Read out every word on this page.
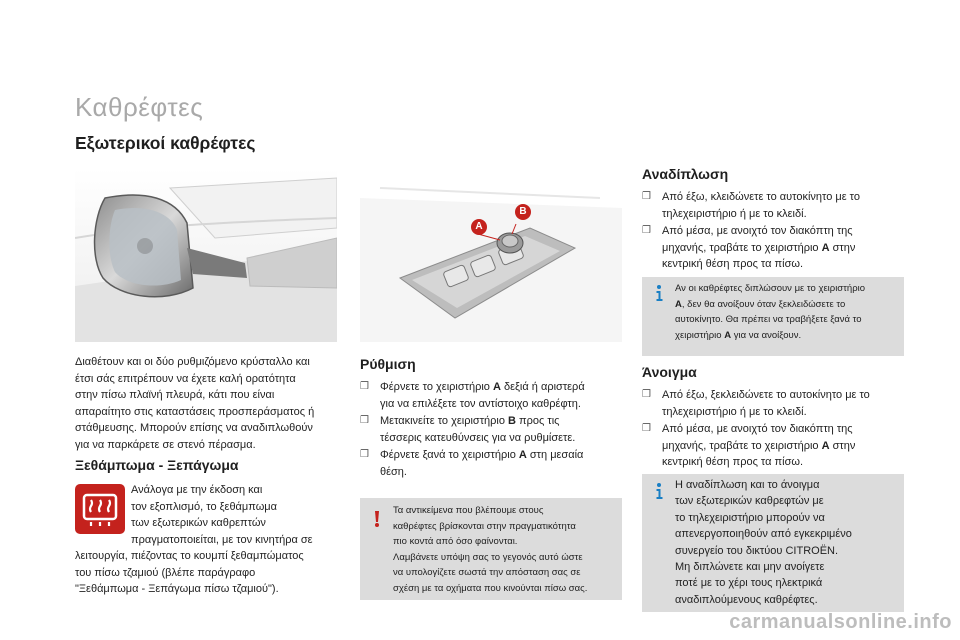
Καθρέφτες
Εξωτερικοί καθρέφτες
A
B
Διαθέτουν και οι δύο ρυθμιζόμενο κρύσταλλο και
έτσι σάς επιτρέπουν να έχετε καλή ορατότητα
στην πίσω πλαϊνή πλευρά, κάτι που είναι
απαραίτητο στις καταστάσεις προσπεράσματος ή
στάθμευσης. Μπορούν επίσης να αναδιπλωθούν
για να παρκάρετε σε στενό πέρασμα.
Ξεθάμπωμα - Ξεπάγωμα
Ανάλογα με την έκδοση και
τον εξοπλισμό, το ξεθάμπωμα
των εξωτερικών καθρεπτών
πραγματοποιείται, με τον κινητήρα σε
λειτουργία, πιέζοντας το κουμπί ξεθαμπώματος
του πίσω τζαμιού (βλέπε παράγραφο
"Ξεθάμπωμα - Ξεπάγωμα πίσω τζαμιού").
Ρύθμιση
❒ Φέρνετε το χειριστήριο A δεξιά ή αριστερά
για να επιλέξετε τον αντίστοιχο καθρέφτη.
❒ Μετακινείτε το χειριστήριο B προς τις
τέσσερις κατευθύνσεις για να ρυθμίσετε.
❒ Φέρνετε ξανά το χειριστήριο A στη μεσαία
θέση.
Τα αντικείμενα που βλέπουμε στους
καθρέφτες βρίσκονται στην πραγματικότητα
πιο κοντά από όσο φαίνονται.
Λαμβάνετε υπόψη σας το γεγονός αυτό ώστε
να υπολογίζετε σωστά την απόσταση σας σε
σχέση με τα οχήματα που κινούνται πίσω σας.
Αναδίπλωση
❒ Από έξω, κλειδώνετε το αυτοκίνητο με το
τηλεχειριστήριο ή με το κλειδί.
❒ Από μέσα, με ανοιχτό τον διακόπτη της
μηχανής, τραβάτε το χειριστήριο A στην
κεντρική θέση προς τα πίσω.
Αν οι καθρέφτες διπλώσουν με το χειριστήριο
A, δεν θα ανοίξουν όταν ξεκλειδώσετε το
αυτοκίνητο. Θα πρέπει να τραβήξετε ξανά το
χειριστήριο A για να ανοίξουν.
Άνοιγμα
❒ Από έξω, ξεκλειδώνετε το αυτοκίνητο με το
τηλεχειριστήριο ή με το κλειδί.
❒ Από μέσα, με ανοιχτό τον διακόπτη της
μηχανής, τραβάτε το χειριστήριο A στην
κεντρική θέση προς τα πίσω.
Η αναδίπλωση και το άνοιγμα
των εξωτερικών καθρεφτών με
το τηλεχειριστήριο μπορούν να
απενεργοποιηθούν από εγκεκριμένο
συνεργείο του δικτύου CITROËN.
Μη διπλώνετε και μην ανοίγετε
ποτέ με το χέρι τους ηλεκτρικά
αναδιπλούμενους καθρέφτες.
carmanualsonline.info
